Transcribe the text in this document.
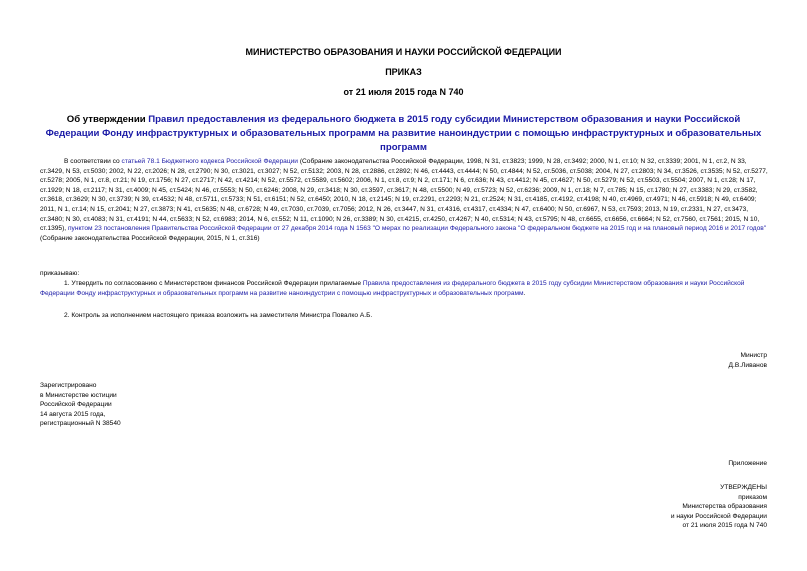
МИНИСТЕРСТВО ОБРАЗОВАНИЯ И НАУКИ РОССИЙСКОЙ ФЕДЕРАЦИИ
ПРИКАЗ
от 21 июля 2015 года N 740
Об утверждении Правил предоставления из федерального бюджета в 2015 году субсидии Министерством образования и науки Российской Федерации Фонду инфраструктурных и образовательных программ на развитие наноиндустрии с помощью инфраструктурных и образовательных программ

В соответствии со статьей 78.1 Бюджетного кодекса Российской Федерации (Собрание законодательства Российской Федерации, 1998, N 31, ст.3823; 1999, N 28, ст.3492; 2000, N 1, ст.10; N 32, ст.3339; 2001, N 1, ст.2, N 33, ст.3429, N 53, ст.5030; 2002, N 22, ст.2026; N 28, ст.2790; N 30, ст.3021, ст.3027; N 52, ст.5132; 2003, N 28, ст.2886, ст.2892; N 46, ст.4443, ст.4444; N 50, ст.4844; N 52, ст.5036, ст.5038; 2004, N 27, ст.2803; N 34, ст.3526, ст.3535; N 52, ст.5277, ст.5278; 2005, N 1, ст.8, ст.21; N 19, ст.1756; N 27, ст.2717; N 42, ст.4214; N 52, ст.5572, ст.5589, ст.5602; 2006, N 1, ст.8, ст.9; N 2, ст.171; N 6, ст.636; N 43, ст.4412; N 45, ст.4627; N 50, ст.5279; N 52, ст.5503, ст.5504; 2007, N 1, ст.28; N 17, ст.1929; N 18, ст.2117; N 31, ст.4009; N 45, ст.5424; N 46, ст.5553; N 50, ст.6246; 2008, N 29, ст.3418; N 30, ст.3597, ст.3617; N 48, ст.5500; N 49, ст.5723; N 52, ст.6236; 2009, N 1, ст.18; N 7, ст.785; N 15, ст.1780; N 27, ст.3383; N 29, ст.3582, ст.3618, ст.3629; N 30, ст.3739; N 39, ст.4532; N 48, ст.5711, ст.5733; N 51, ст.6151; N 52, ст.6450; 2010, N 18, ст.2145; N 19, ст.2291, ст.2293; N 21, ст.2524; N 31, ст.4185, ст.4192, ст.4198; N 40, ст.4969, ст.4971; N 46, ст.5918; N 49, ст.6409; 2011, N 1, ст.14; N 15, ст.2041; N 27, ст.3873; N 41, ст.5635; N 48, ст.6728; N 49, ст.7030, ст.7039, ст.7056; 2012, N 26, ст.3447, N 31, ст.4316, ст.4317, ст.4334; N 47, ст.6400; N 50, ст.6967, N 53, ст.7593; 2013, N 19, ст.2331, N 27, ст.3473, ст.3480; N 30, ст.4083; N 31, ст.4191; N 44, ст.5633; N 52, ст.6983; 2014, N 6, ст.552; N 11, ст.1090; N 26, ст.3389; N 30, ст.4215, ст.4250, ст.4267; N 40, ст.5314; N 43, ст.5795; N 48, ст.6655, ст.6656, ст.6664; N 52, ст.7560, ст.7561; 2015, N 10, ст.1395), пунктом 23 постановления Правительства Российской Федерации от 27 декабря 2014 года N 1563 "О мерах по реализации Федерального закона "О федеральном бюджете на 2015 год и на плановый период 2016 и 2017 годов" (Собрание законодательства Российской Федерации, 2015, N 1, ст.316)

приказываю:

1. Утвердить по согласованию с Министерством финансов Российской Федерации прилагаемые Правила предоставления из федерального бюджета в 2015 году субсидии Министерством образования и науки Российской Федерации Фонду инфраструктурных и образовательных программ на развитие наноиндустрии с помощью инфраструктурных и образовательных программ.

2. Контроль за исполнением настоящего приказа возложить на заместителя Министра Повалко А.Б.

Министр
Д.В.Ливанов
Зарегистрировано
в Министерстве юстиции
Российской Федерации
14 августа 2015 года,
регистрационный N 38540
Приложение
УТВЕРЖДЕНЫ
приказом
Министерства образования
и науки Российской Федерации
от 21 июля 2015 года N 740
